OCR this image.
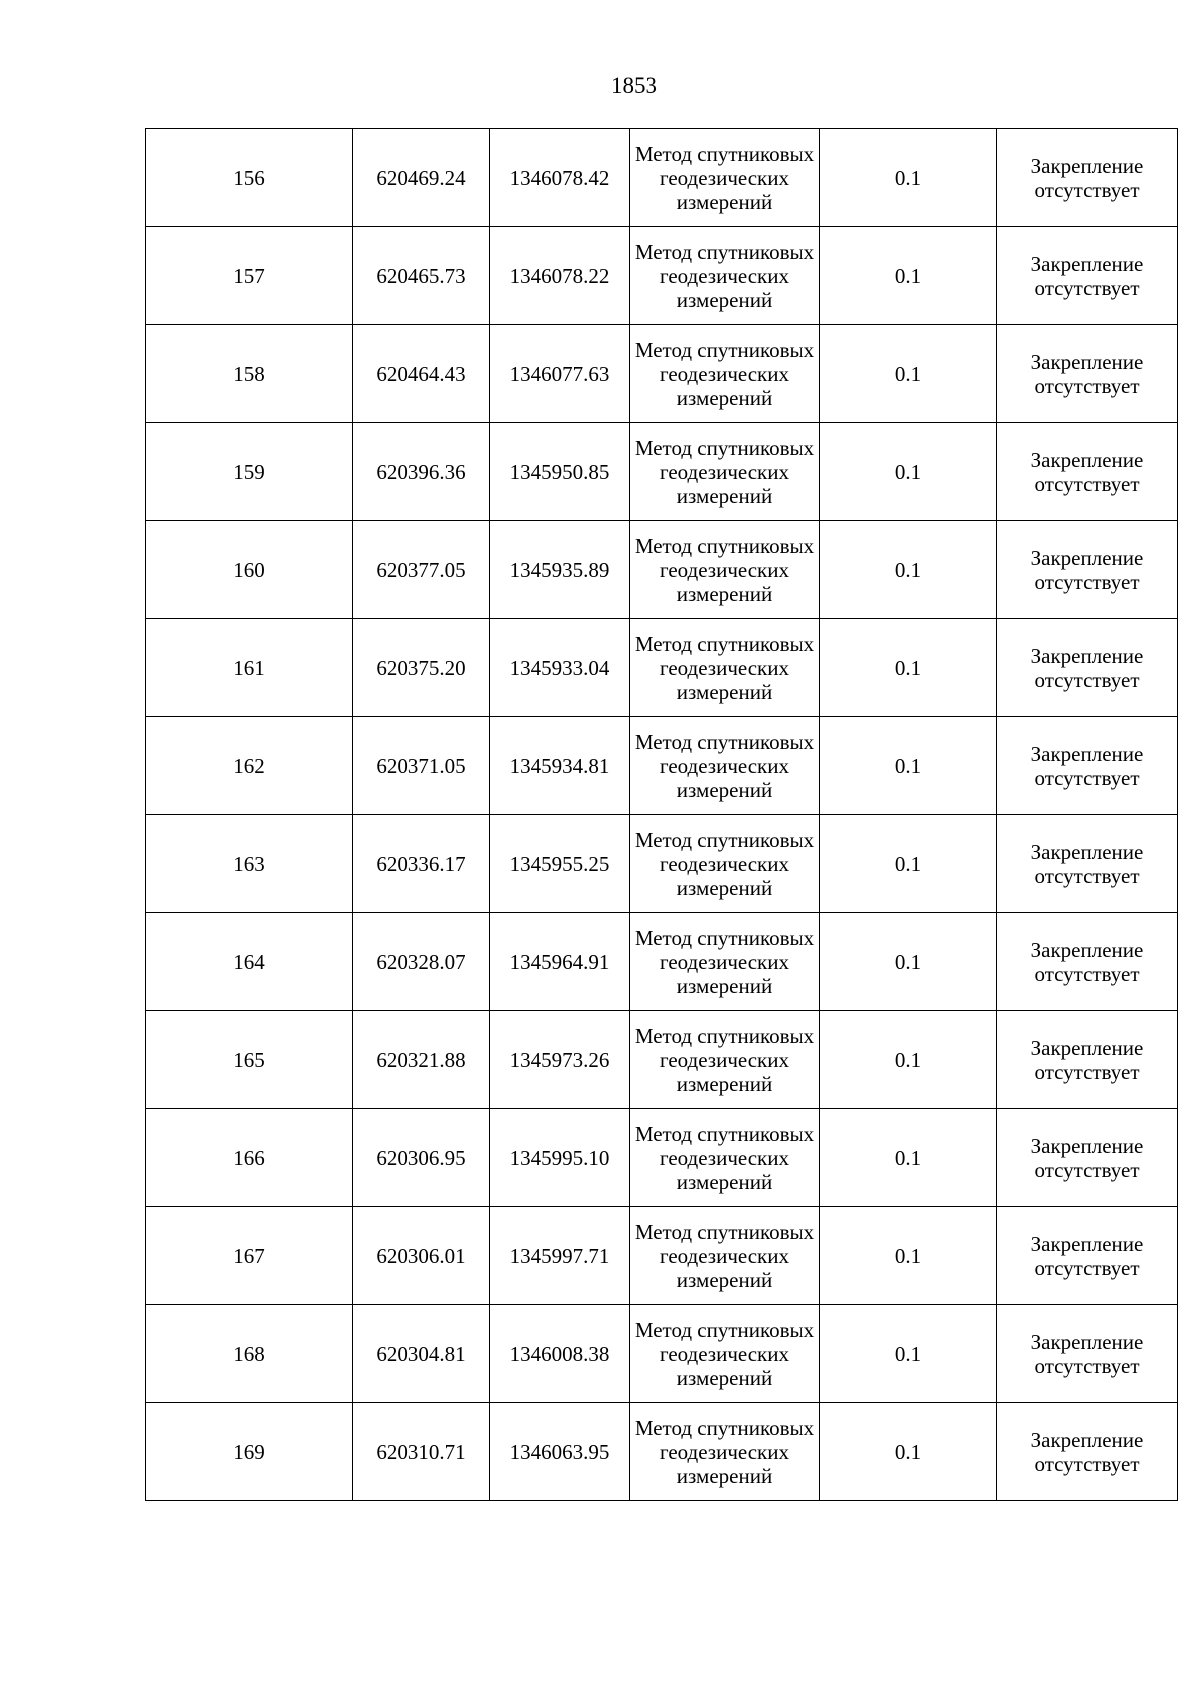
1853
156	620469.24	1346078.42	Метод спутниковых геодезических измерений	0.1	Закрепление отсутствует
157	620465.73	1346078.22	Метод спутниковых геодезических измерений	0.1	Закрепление отсутствует
158	620464.43	1346077.63	Метод спутниковых геодезических измерений	0.1	Закрепление отсутствует
159	620396.36	1345950.85	Метод спутниковых геодезических измерений	0.1	Закрепление отсутствует
160	620377.05	1345935.89	Метод спутниковых геодезических измерений	0.1	Закрепление отсутствует
161	620375.20	1345933.04	Метод спутниковых геодезических измерений	0.1	Закрепление отсутствует
162	620371.05	1345934.81	Метод спутниковых геодезических измерений	0.1	Закрепление отсутствует
163	620336.17	1345955.25	Метод спутниковых геодезических измерений	0.1	Закрепление отсутствует
164	620328.07	1345964.91	Метод спутниковых геодезических измерений	0.1	Закрепление отсутствует
165	620321.88	1345973.26	Метод спутниковых геодезических измерений	0.1	Закрепление отсутствует
166	620306.95	1345995.10	Метод спутниковых геодезических измерений	0.1	Закрепление отсутствует
167	620306.01	1345997.71	Метод спутниковых геодезических измерений	0.1	Закрепление отсутствует
168	620304.81	1346008.38	Метод спутниковых геодезических измерений	0.1	Закрепление отсутствует
169	620310.71	1346063.95	Метод спутниковых геодезических измерений	0.1	Закрепление отсутствует
